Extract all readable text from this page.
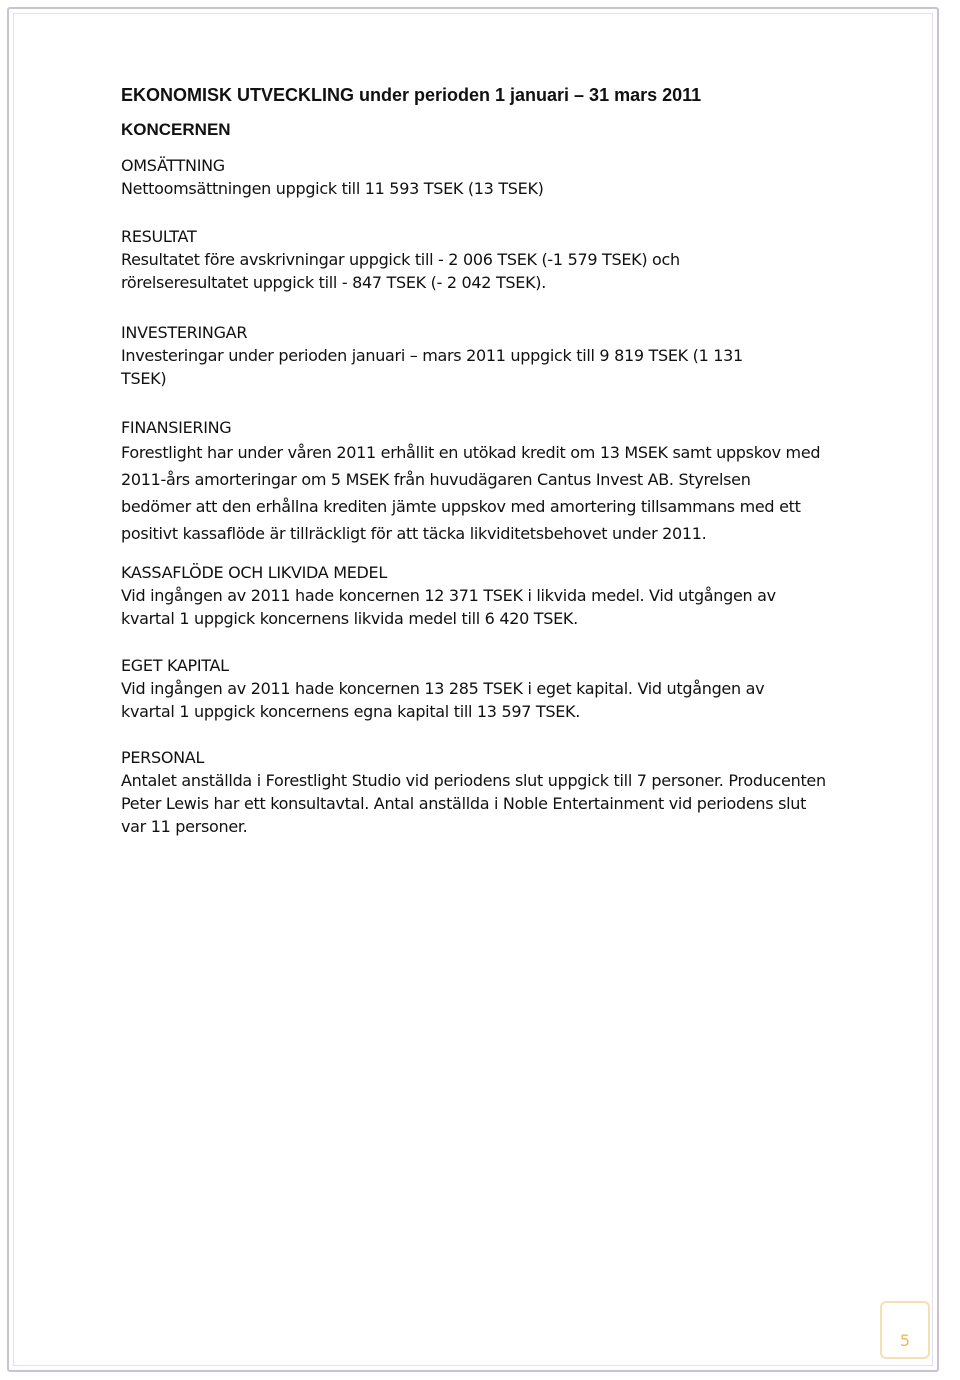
EKONOMISK UTVECKLING under perioden 1 januari – 31 mars 2011
KONCERNEN

OMSÄTTNING

Nettoomsättningen uppgick till 11 593 TSEK (13 TSEK)

RESULTAT

Resultatet före avskrivningar uppgick till - 2 006 TSEK (-1 579 TSEK) och rörelseresultatet uppgick till - 847 TSEK (- 2 042 TSEK).

INVESTERINGAR

Investeringar under perioden januari – mars 2011 uppgick till 9 819 TSEK (1 131 TSEK)

FINANSIERING

Forestlight har under våren 2011 erhållit en utökad kredit om 13 MSEK samt uppskov med 2011-års amorteringar om 5 MSEK från huvudägaren Cantus Invest AB. Styrelsen bedömer att den erhållna krediten jämte uppskov med amortering tillsammans med ett positivt kassaflöde är tillräckligt för att täcka likviditetsbehovet under 2011.

KASSAFLÖDE OCH LIKVIDA MEDEL

Vid ingången av 2011 hade koncernen 12 371 TSEK i likvida medel. Vid utgången av kvartal 1 uppgick koncernens likvida medel till 6 420 TSEK.

EGET KAPITAL

Vid ingången av 2011 hade koncernen 13 285 TSEK i eget kapital. Vid utgången av kvartal 1 uppgick koncernens egna kapital till 13 597 TSEK.

PERSONAL

Antalet anställda i Forestlight Studio vid periodens slut uppgick till 7 personer. Producenten Peter Lewis har ett konsultavtal. Antal anställda i Noble Entertainment vid periodens slut var 11 personer.

5
